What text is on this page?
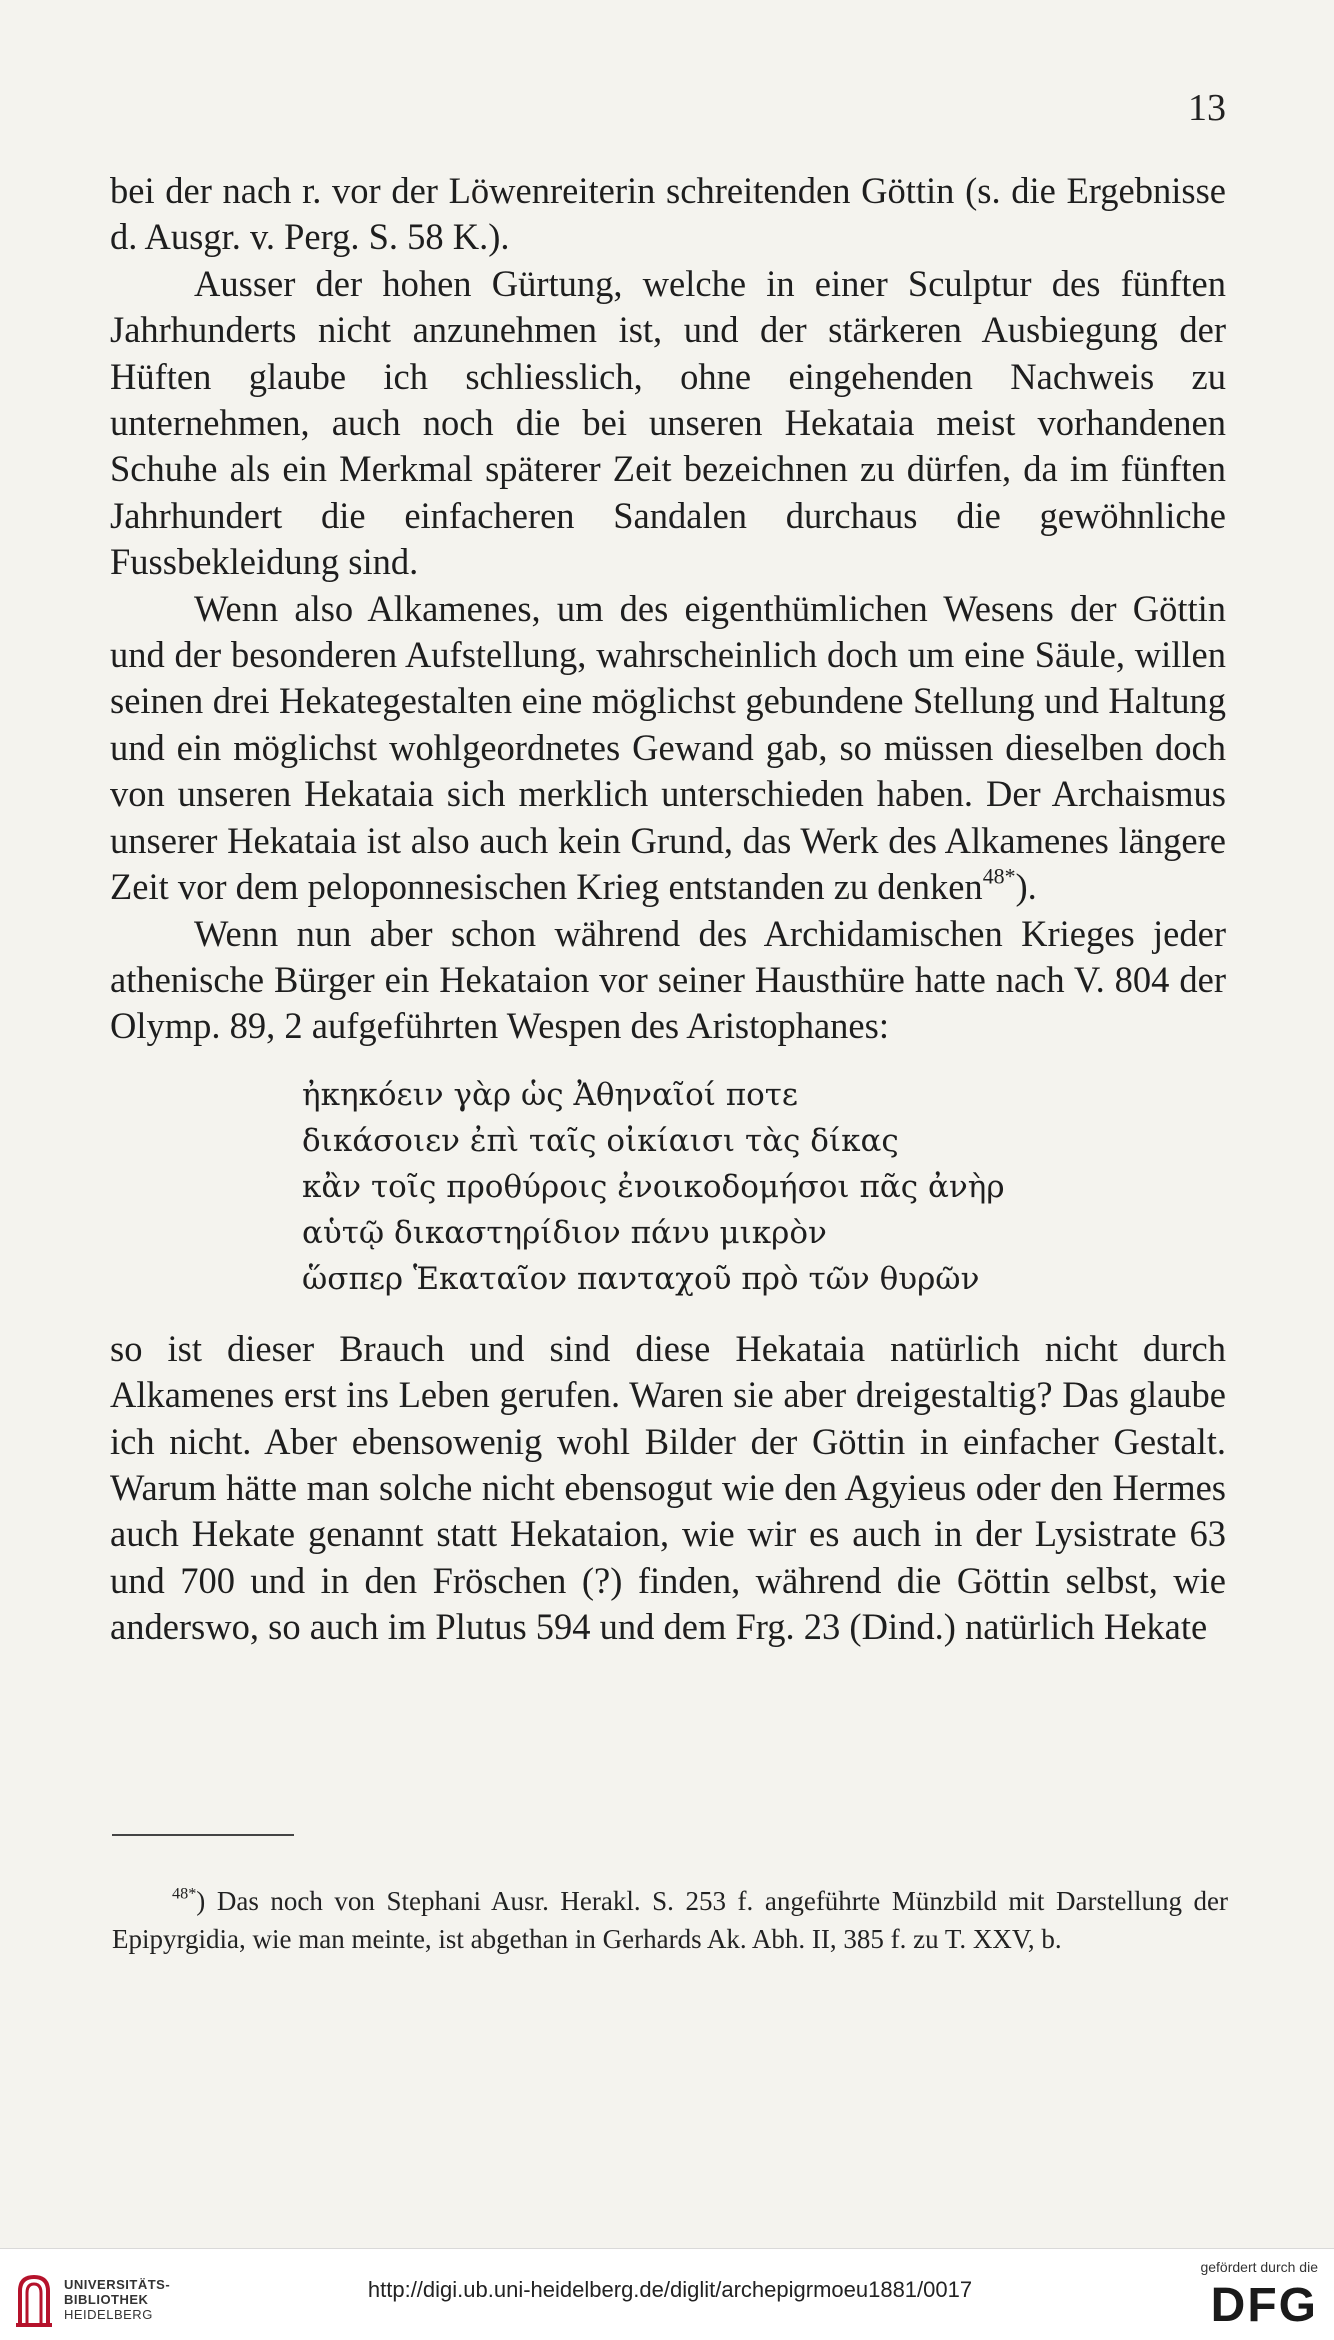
13

bei der nach r. vor der Löwenreiterin schreitenden Göttin (s. die Ergebnisse d. Ausgr. v. Perg. S. 58 K.).

Ausser der hohen Gürtung, welche in einer Sculptur des fünften Jahrhunderts nicht anzunehmen ist, und der stärkeren Ausbiegung der Hüften glaube ich schliesslich, ohne eingehenden Nachweis zu unternehmen, auch noch die bei unseren Hekataia meist vorhandenen Schuhe als ein Merkmal späterer Zeit bezeichnen zu dürfen, da im fünften Jahrhundert die einfacheren Sandalen durchaus die gewöhnliche Fussbekleidung sind.

Wenn also Alkamenes, um des eigenthümlichen Wesens der Göttin und der besonderen Aufstellung, wahrscheinlich doch um eine Säule, willen seinen drei Hekategestalten eine möglichst gebundene Stellung und Haltung und ein möglichst wohlgeordnetes Gewand gab, so müssen dieselben doch von unseren Hekataia sich merklich unterschieden haben. Der Archaismus unserer Hekataia ist also auch kein Grund, das Werk des Alkamenes längere Zeit vor dem peloponnesischen Krieg entstanden zu denken$^{48*}$).

Wenn nun aber schon während des Archidamischen Krieges jeder athenische Bürger ein Hekataion vor seiner Hausthüre hatte nach V. 804 der Olymp. 89, 2 aufgeführten Wespen des Aristophanes:

ἠκηκόειν γὰρ ὡς Ἀθηναῖοί ποτε
δικάσοιεν ἐπὶ ταῖς οἰκίαισι τὰς δίκας
κἂν τοῖς προθύροις ἐνοικοδομήσοι πᾶς ἀνὴρ
αὑτῷ δικαστηρίδιον πάνυ μικρὸν
ὥσπερ Ἑκαταῖον πανταχοῦ πρὸ τῶν θυρῶν

so ist dieser Brauch und sind diese Hekataia natürlich nicht durch Alkamenes erst ins Leben gerufen. Waren sie aber dreigestaltig? Das glaube ich nicht. Aber ebensowenig wohl Bilder der Göttin in einfacher Gestalt. Warum hätte man solche nicht ebensogut wie den Agyieus oder den Hermes auch Hekate genannt statt Hekataion, wie wir es auch in der Lysistrate 63 und 700 und in den Fröschen (?) finden, während die Göttin selbst, wie anderswo, so auch im Plutus 594 und dem Frg. 23 (Dind.) natürlich Hekate

$^{48*}$) Das noch von Stephani Ausr. Herakl. S. 253 f. angeführte Münzbild mit Darstellung der Epipyrgidia, wie man meinte, ist abgethan in Gerhards Ak. Abh. II, 385 f. zu T. XXV, b.

UNIVERSITÄTS-
BIBLIOTHEK
HEIDELBERG
http://digi.ub.uni-heidelberg.de/diglit/archepigrmoeu1881/0017
gefördert durch die
DFG
